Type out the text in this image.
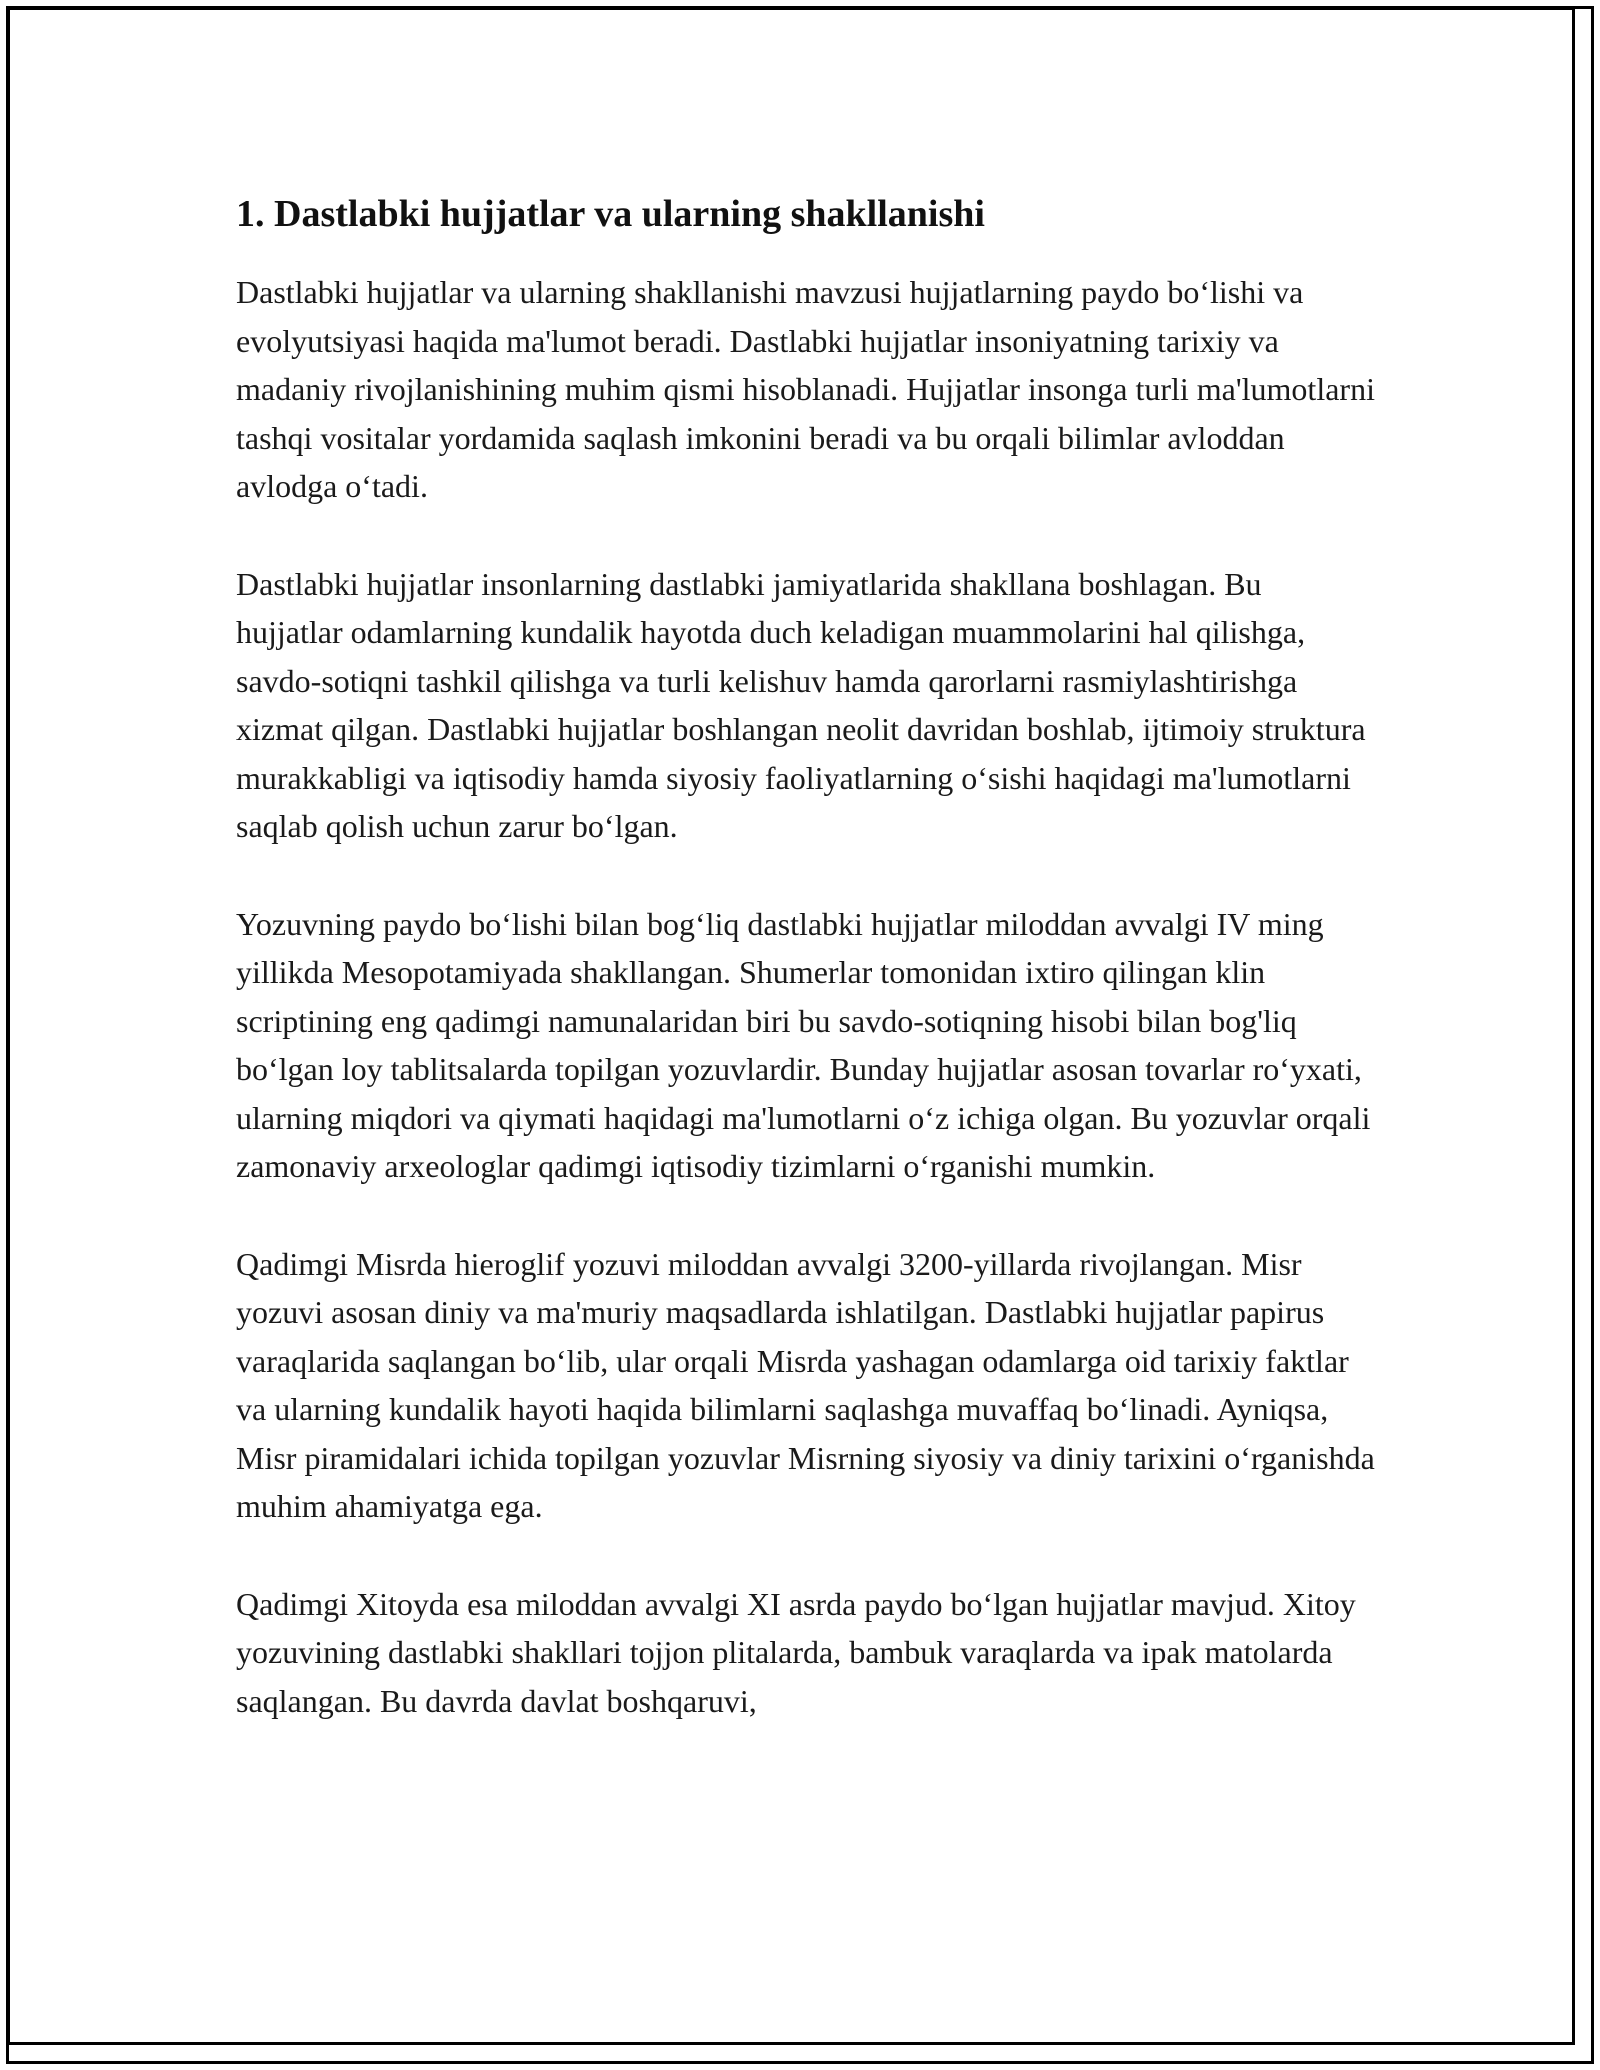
1. Dastlabki hujjatlar va ularning shakllanishi

Dastlabki hujjatlar va ularning shakllanishi mavzusi hujjatlarning paydo bo‘lishi va evolyutsiyasi haqida ma'lumot beradi. Dastlabki hujjatlar insoniyatning tarixiy va madaniy rivojlanishining muhim qismi hisoblanadi. Hujjatlar insonga turli ma'lumotlarni tashqi vositalar yordamida saqlash imkonini beradi va bu orqali bilimlar avloddan avlodga o‘tadi.

Dastlabki hujjatlar insonlarning dastlabki jamiyatlarida shakllana boshlagan. Bu hujjatlar odamlarning kundalik hayotda duch keladigan muammolarini hal qilishga, savdo-sotiqni tashkil qilishga va turli kelishuv hamda qarorlarni rasmiylashtirishga xizmat qilgan. Dastlabki hujjatlar boshlangan neolit davridan boshlab, ijtimoiy struktura murakkabligi va iqtisodiy hamda siyosiy faoliyatlarning o‘sishi haqidagi ma'lumotlarni saqlab qolish uchun zarur bo‘lgan.

Yozuvning paydo bo‘lishi bilan bog‘liq dastlabki hujjatlar miloddan avvalgi IV ming yillikda Mesopotamiyada shakllangan. Shumerlar tomonidan ixtiro qilingan klin scriptining eng qadimgi namunalaridan biri bu savdo-sotiqning hisobi bilan bog'liq bo‘lgan loy tablitsalarda topilgan yozuvlardir. Bunday hujjatlar asosan tovarlar ro‘yxati, ularning miqdori va qiymati haqidagi ma'lumotlarni o‘z ichiga olgan. Bu yozuvlar orqali zamonaviy arxeologlar qadimgi iqtisodiy tizimlarni o‘rganishi mumkin.

Qadimgi Misrda hieroglif yozuvi miloddan avvalgi 3200-yillarda rivojlangan. Misr yozuvi asosan diniy va ma'muriy maqsadlarda ishlatilgan. Dastlabki hujjatlar papirus varaqlarida saqlangan bo‘lib, ular orqali Misrda yashagan odamlarga oid tarixiy faktlar va ularning kundalik hayoti haqida bilimlarni saqlashga muvaffaq bo‘linadi. Ayniqsa, Misr piramidalari ichida topilgan yozuvlar Misrning siyosiy va diniy tarixini o‘rganishda muhim ahamiyatga ega.

Qadimgi Xitoyda esa miloddan avvalgi XI asrda paydo bo‘lgan hujjatlar mavjud. Xitoy yozuvining dastlabki shakllari tojjon plitalarda, bambuk varaqlarda va ipak matolarda saqlangan. Bu davrda davlat boshqaruvi,
